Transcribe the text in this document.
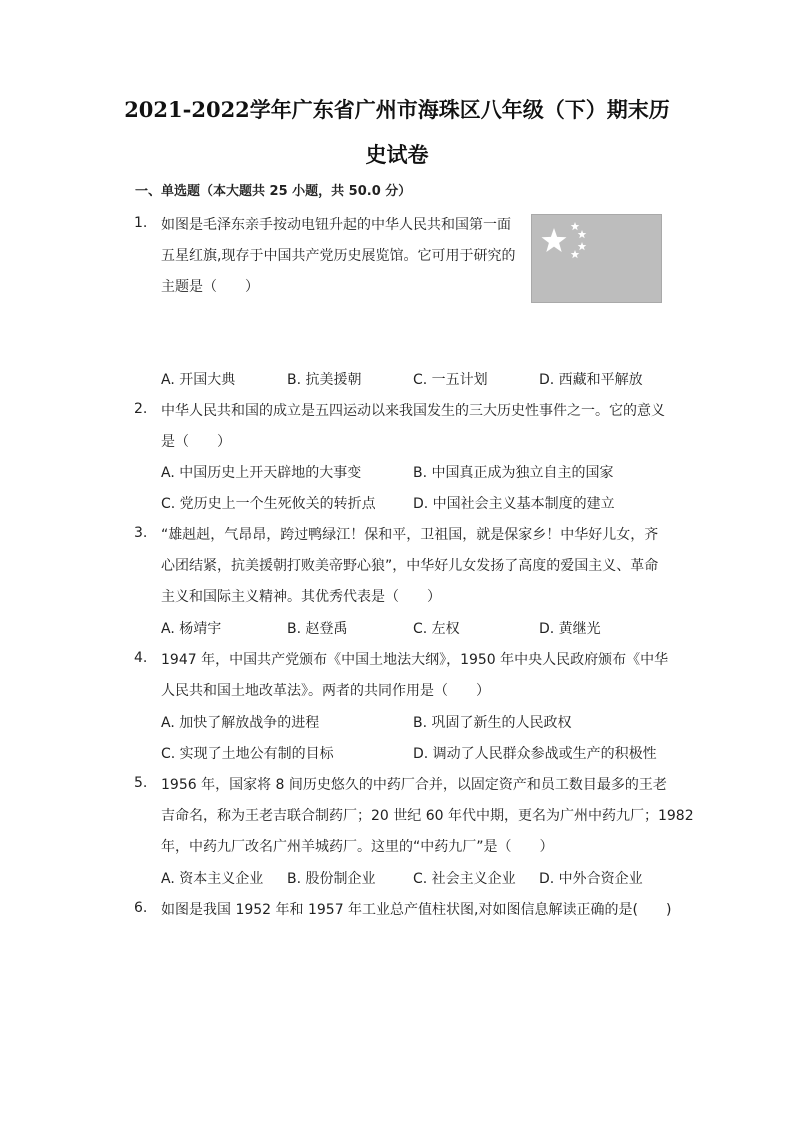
2021-2022学年广东省广州市海珠区八年级（下）期末历
史试卷
一、单选题（本大题共 25 小题，共 50.0 分）
1. 如图是毛泽东亲手按动电钮升起的中华人民共和国第一面
五星红旗,现存于中国共产党历史展览馆。它可用于研究的
主题是（　　）
A. 开国大典	B. 抗美援朝	C. 一五计划	D. 西藏和平解放
2. 中华人民共和国的成立是五四运动以来我国发生的三大历史性事件之一。它的意义
是（　　）
A. 中国历史上开天辟地的大事变	B. 中国真正成为独立自主的国家
C. 党历史上一个生死攸关的转折点	D. 中国社会主义基本制度的建立
3. “雄赳赳，气昂昂，跨过鸭绿江！保和平，卫祖国，就是保家乡！中华好儿女，齐
心团结紧，抗美援朝打败美帝野心狼”，中华好儿女发扬了高度的爱国主义、革命
主义和国际主义精神。其优秀代表是（　　）
A. 杨靖宇	B. 赵登禹	C. 左权	D. 黄继光
4. 1947 年，中国共产党颁布《中国土地法大纲》，1950 年中央人民政府颁布《中华
人民共和国土地改革法》。两者的共同作用是（　　）
A. 加快了解放战争的进程	B. 巩固了新生的人民政权
C. 实现了土地公有制的目标	D. 调动了人民群众参战或生产的积极性
5. 1956 年，国家将 8 间历史悠久的中药厂合并，以固定资产和员工数目最多的王老
吉命名，称为王老吉联合制药厂；20 世纪 60 年代中期，更名为广州中药九厂；1982
年，中药九厂改名广州羊城药厂。这里的“中药九厂”是（　　）
A. 资本主义企业 B. 股份制企业	C. 社会主义企业 D. 中外合资企业
6. 如图是我国 1952 年和 1957 年工业总产值柱状图,对如图信息解读正确的是(　　)
